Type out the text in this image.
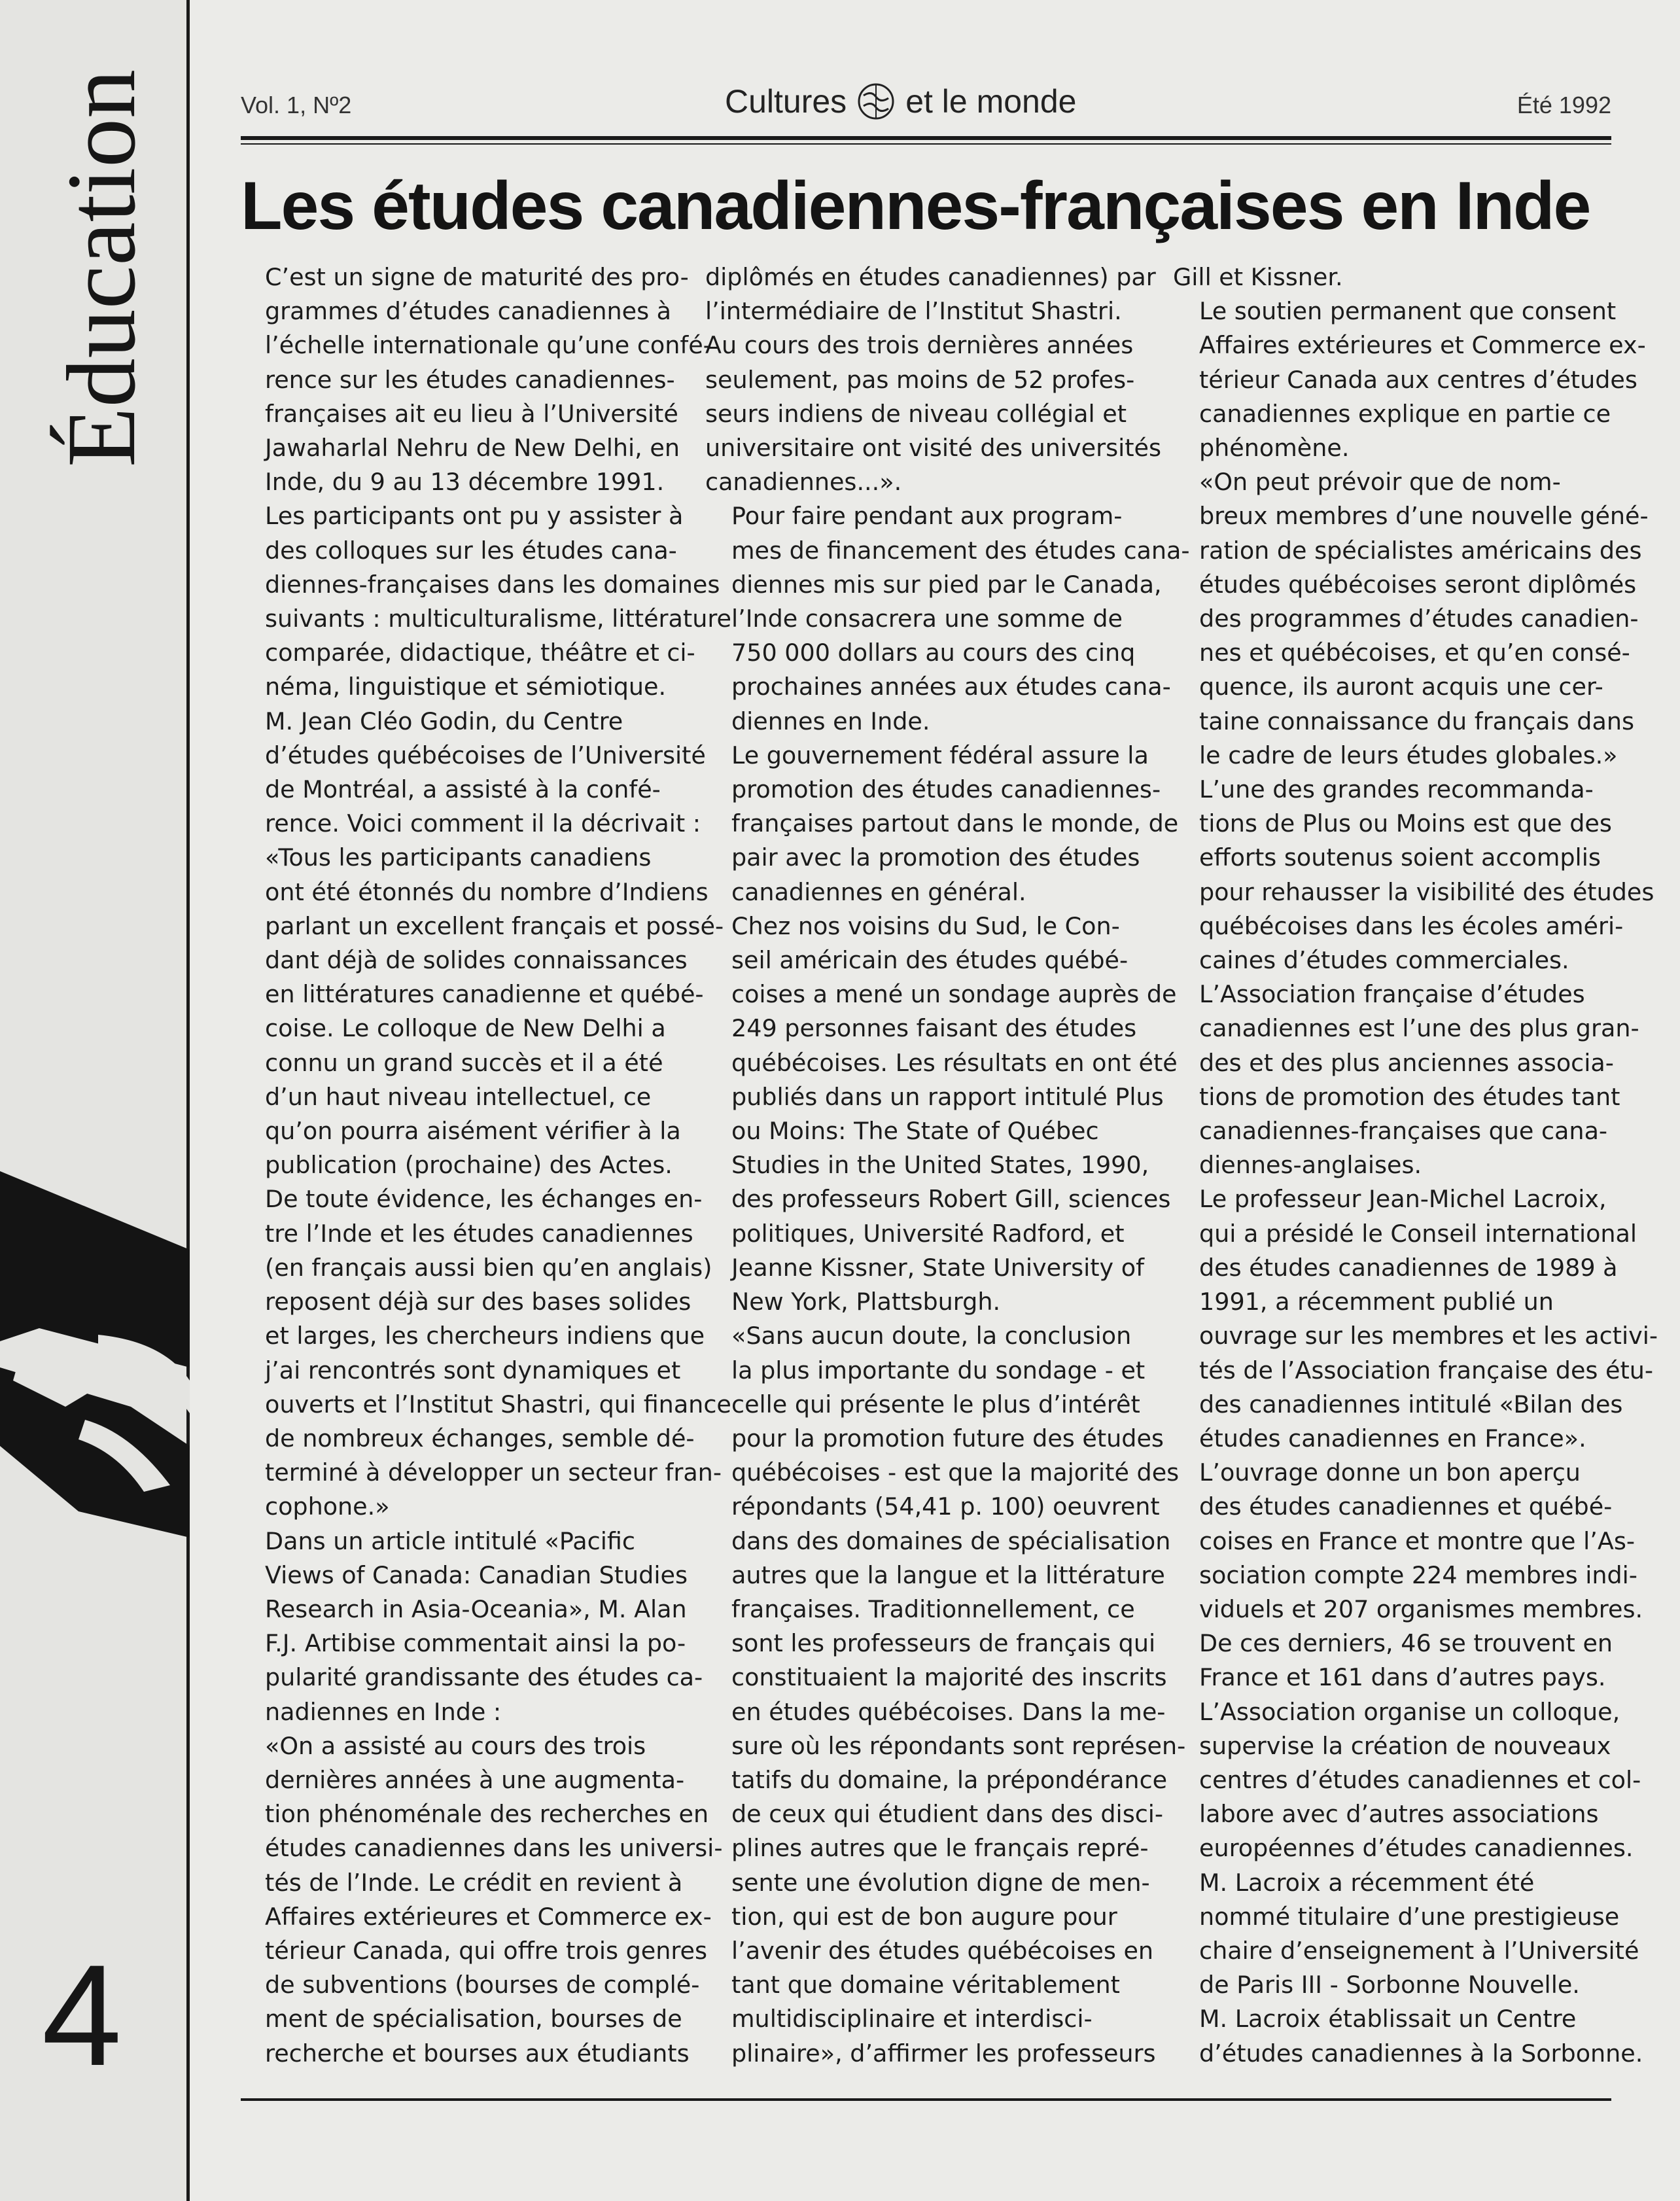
Éducation
4
Vol. 1, Nº2	Cultures et le monde	Été 1992
Les études canadiennes-françaises en Inde

C’est un signe de maturité des pro-
grammes d’études canadiennes à
l’échelle internationale qu’une confé-
rence sur les études canadiennes-
françaises ait eu lieu à l’Université
Jawaharlal Nehru de New Delhi, en
Inde, du 9 au 13 décembre 1991.

Les participants ont pu y assister à
des colloques sur les études cana-
diennes-françaises dans les domaines
suivants : multiculturalisme, littérature
comparée, didactique, théâtre et ci-
néma, linguistique et sémiotique.

M. Jean Cléo Godin, du Centre
d’études québécoises de l’Université
de Montréal, a assisté à la confé-
rence. Voici comment il la décrivait :

«Tous les participants canadiens
ont été étonnés du nombre d’Indiens
parlant un excellent français et possé-
dant déjà de solides connaissances
en littératures canadienne et québé-
coise. Le colloque de New Delhi a
connu un grand succès et il a été
d’un haut niveau intellectuel, ce
qu’on pourra aisément vérifier à la
publication (prochaine) des Actes.
De toute évidence, les échanges en-
tre l’Inde et les études canadiennes
(en français aussi bien qu’en anglais)
reposent déjà sur des bases solides
et larges, les chercheurs indiens que
j’ai rencontrés sont dynamiques et
ouverts et l’Institut Shastri, qui finance
de nombreux échanges, semble dé-
terminé à développer un secteur fran-
cophone.»

Dans un article intitulé «Pacific
Views of Canada: Canadian Studies
Research in Asia-Oceania», M. Alan
F.J. Artibise commentait ainsi la po-
pularité grandissante des études ca-
nadiennes en Inde :

«On a assisté au cours des trois
dernières années à une augmenta-
tion phénoménale des recherches en
études canadiennes dans les universi-
tés de l’Inde. Le crédit en revient à
Affaires extérieures et Commerce ex-
térieur Canada, qui offre trois genres
de subventions (bourses de complé-
ment de spécialisation, bourses de
recherche et bourses aux étudiants

diplômés en études canadiennes) par
l’intermédiaire de l’Institut Shastri.
Au cours des trois dernières années
seulement, pas moins de 52 profes-
seurs indiens de niveau collégial et
universitaire ont visité des universités
canadiennes...».

Pour faire pendant aux program-
mes de financement des études cana-
diennes mis sur pied par le Canada,
l’Inde consacrera une somme de
750 000 dollars au cours des cinq
prochaines années aux études cana-
diennes en Inde.

Le gouvernement fédéral assure la
promotion des études canadiennes-
françaises partout dans le monde, de
pair avec la promotion des études
canadiennes en général.

Chez nos voisins du Sud, le Con-
seil américain des études québé-
coises a mené un sondage auprès de
249 personnes faisant des études
québécoises. Les résultats en ont été
publiés dans un rapport intitulé Plus
ou Moins: The State of Québec
Studies in the United States, 1990,
des professeurs Robert Gill, sciences
politiques, Université Radford, et
Jeanne Kissner, State University of
New York, Plattsburgh.

«Sans aucun doute, la conclusion
la plus importante du sondage - et
celle qui présente le plus d’intérêt
pour la promotion future des études
québécoises - est que la majorité des
répondants (54,41 p. 100) oeuvrent
dans des domaines de spécialisation
autres que la langue et la littérature
françaises. Traditionnellement, ce
sont les professeurs de français qui
constituaient la majorité des inscrits
en études québécoises. Dans la me-
sure où les répondants sont représen-
tatifs du domaine, la prépondérance
de ceux qui étudient dans des disci-
plines autres que le français repré-
sente une évolution digne de men-
tion, qui est de bon augure pour
l’avenir des études québécoises en
tant que domaine véritablement
multidisciplinaire et interdisci-
plinaire», d’affirmer les professeurs

Gill et Kissner.

Le soutien permanent que consent
Affaires extérieures et Commerce ex-
térieur Canada aux centres d’études
canadiennes explique en partie ce
phénomène.

«On peut prévoir que de nom-
breux membres d’une nouvelle géné-
ration de spécialistes américains des
études québécoises seront diplômés
des programmes d’études canadien-
nes et québécoises, et qu’en consé-
quence, ils auront acquis une cer-
taine connaissance du français dans
le cadre de leurs études globales.»

L’une des grandes recommanda-
tions de Plus ou Moins est que des
efforts soutenus soient accomplis
pour rehausser la visibilité des études
québécoises dans les écoles améri-
caines d’études commerciales.

L’Association française d’études
canadiennes est l’une des plus gran-
des et des plus anciennes associa-
tions de promotion des études tant
canadiennes-françaises que cana-
diennes-anglaises.

Le professeur Jean-Michel Lacroix,
qui a présidé le Conseil international
des études canadiennes de 1989 à
1991, a récemment publié un
ouvrage sur les membres et les activi-
tés de l’Association française des étu-
des canadiennes intitulé «Bilan des
études canadiennes en France».

L’ouvrage donne un bon aperçu
des études canadiennes et québé-
coises en France et montre que l’As-
sociation compte 224 membres indi-
viduels et 207 organismes membres.
De ces derniers, 46 se trouvent en
France et 161 dans d’autres pays.
L’Association organise un colloque,
supervise la création de nouveaux
centres d’études canadiennes et col-
labore avec d’autres associations
européennes d’études canadiennes.

M. Lacroix a récemment été
nommé titulaire d’une prestigieuse
chaire d’enseignement à l’Université
de Paris III - Sorbonne Nouvelle.
M. Lacroix établissait un Centre
d’études canadiennes à la Sorbonne.
